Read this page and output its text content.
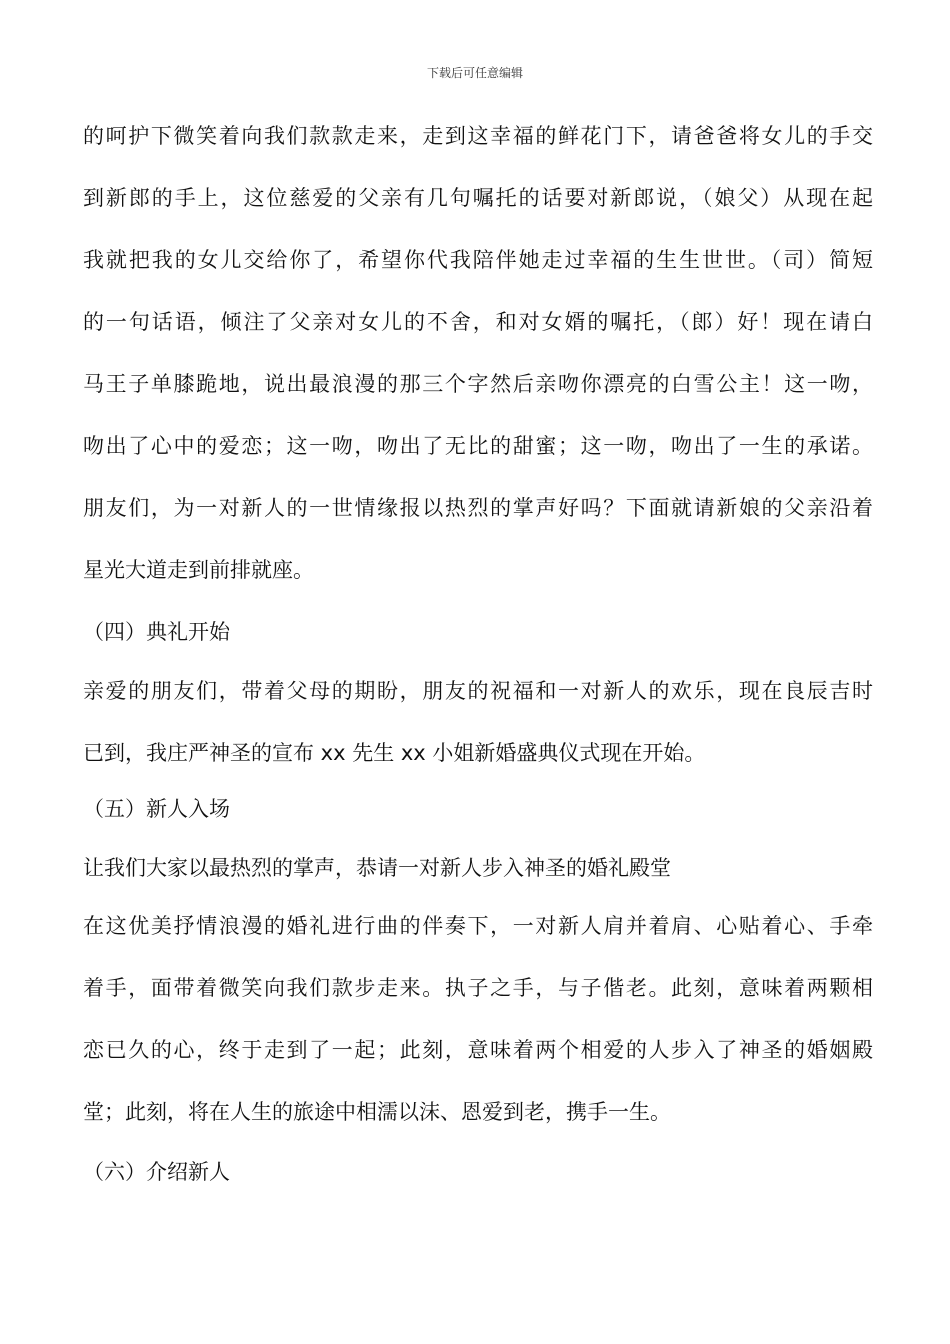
下载后可任意编辑
的呵护下微笑着向我们款款走来，走到这幸福的鲜花门下，请爸爸将女儿的手交
到新郎的手上，这位慈爱的父亲有几句嘱托的话要对新郎说，（娘父）从现在起
我就把我的女儿交给你了，希望你代我陪伴她走过幸福的生生世世。（司）简短
的一句话语，倾注了父亲对女儿的不舍，和对女婿的嘱托，（郎）好！现在请白
马王子单膝跪地，说出最浪漫的那三个字然后亲吻你漂亮的白雪公主！这一吻，
吻出了心中的爱恋；这一吻，吻出了无比的甜蜜；这一吻，吻出了一生的承诺。
朋友们，为一对新人的一世情缘报以热烈的掌声好吗？下面就请新娘的父亲沿着
星光大道走到前排就座。
（四）典礼开始
亲爱的朋友们，带着父母的期盼，朋友的祝福和一对新人的欢乐，现在良辰吉时
已到，我庄严神圣的宣布 xx 先生 xx 小姐新婚盛典仪式现在开始。
（五）新人入场
让我们大家以最热烈的掌声，恭请一对新人步入神圣的婚礼殿堂
在这优美抒情浪漫的婚礼进行曲的伴奏下，一对新人肩并着肩、心贴着心、手牵
着手，面带着微笑向我们款步走来。执子之手，与子偕老。此刻，意味着两颗相
恋已久的心，终于走到了一起；此刻，意味着两个相爱的人步入了神圣的婚姻殿
堂；此刻，将在人生的旅途中相濡以沫、恩爱到老，携手一生。
（六）介绍新人
